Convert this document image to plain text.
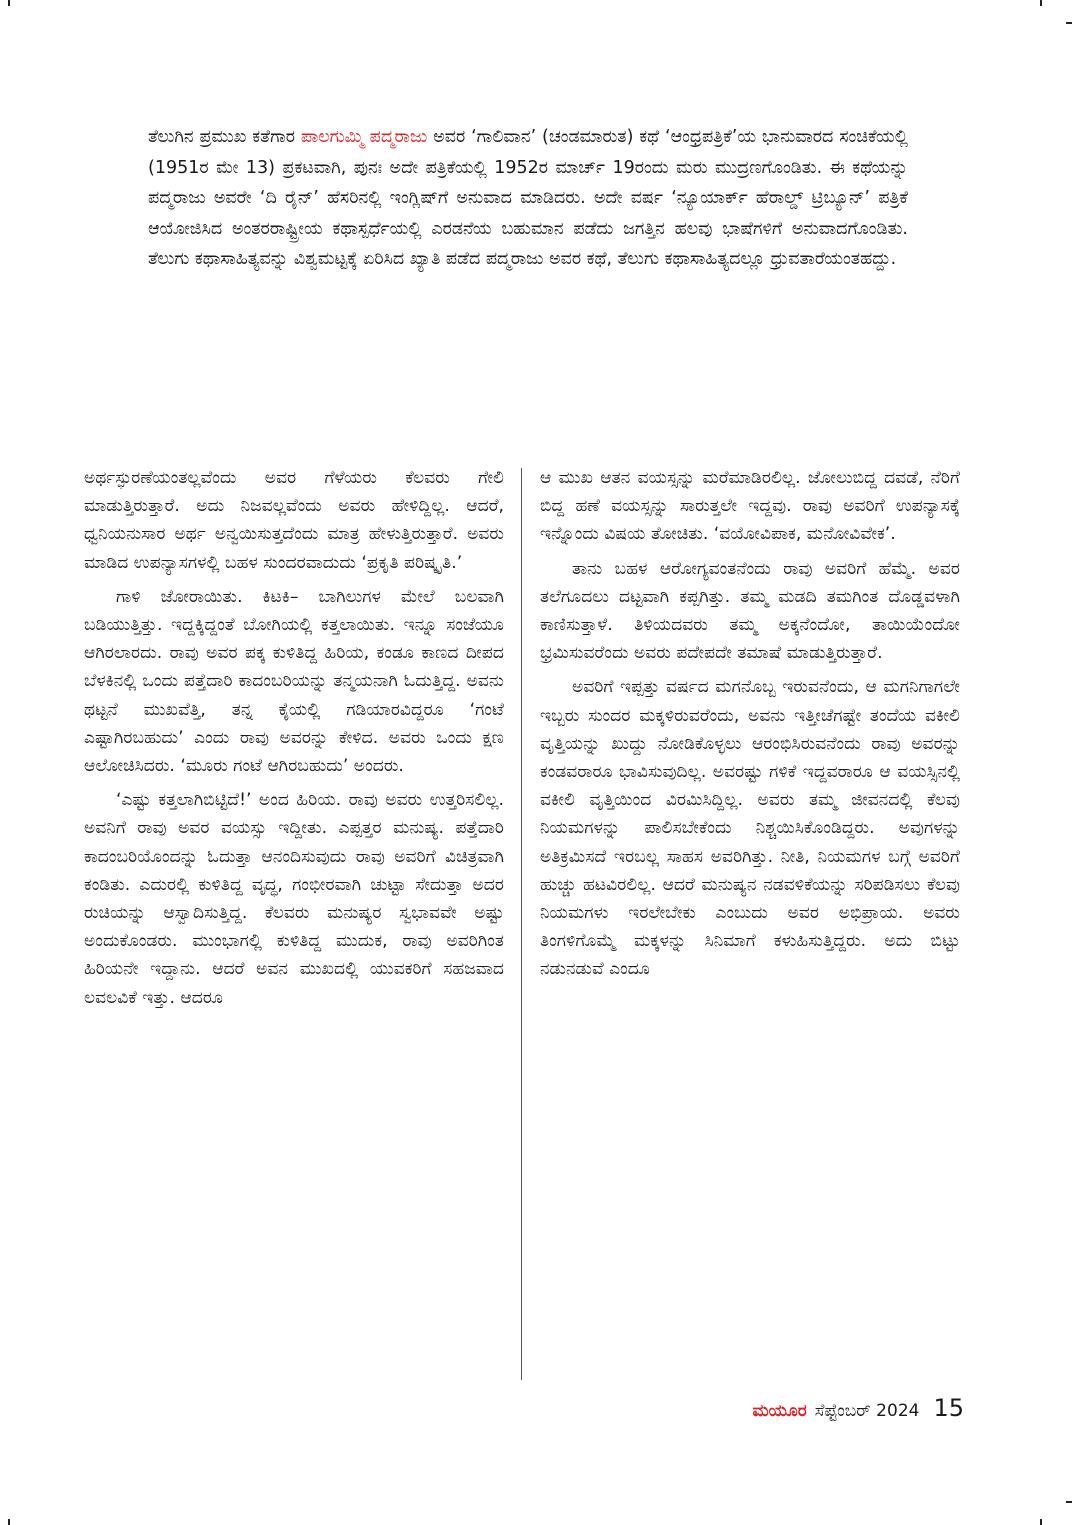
ತೆಲುಗಿನ ಪ್ರಮುಖ ಕತೆಗಾರ ಪಾಲಗುಮ್ಮಿ ಪದ್ಮರಾಜು ಅವರ ‘ಗಾಲಿವಾನ’ (ಚಂಡಮಾರುತ) ಕಥೆ ‘ಆಂಧ್ರಪತ್ರಿಕೆ’ಯ ಭಾನುವಾರದ ಸಂಚಿಕೆಯಲ್ಲಿ (1951ರ ಮೇ 13) ಪ್ರಕಟವಾಗಿ, ಪುನಃ ಅದೇ ಪತ್ರಿಕೆಯಲ್ಲಿ 1952ರ ಮಾರ್ಚ್ 19ರಂದು ಮರು ಮುದ್ರಣಗೊಂಡಿತು. ಈ ಕಥೆಯನ್ನು ಪದ್ಮರಾಜು ಅವರೇ ‘ದಿ ರೈನ್’ ಹೆಸರಿನಲ್ಲಿ ಇಂಗ್ಲಿಷ್‌ಗೆ ಅನುವಾದ ಮಾಡಿದರು. ಅದೇ ವರ್ಷ ‘ನ್ಯೂಯಾರ್ಕ್ ಹೆರಾಲ್ಡ್ ಟ್ರಿಬ್ಯೂನ್’ ಪತ್ರಿಕೆ ಆಯೋಜಿಸಿದ ಅಂತರರಾಷ್ಟ್ರೀಯ ಕಥಾಸ್ಪರ್ಧೆಯಲ್ಲಿ ಎರಡನೆಯ ಬಹುಮಾನ ಪಡೆದು ಜಗತ್ತಿನ ಹಲವು ಭಾಷೆಗಳಿಗೆ ಅನುವಾದಗೊಂಡಿತು. ತೆಲುಗು ಕಥಾಸಾಹಿತ್ಯವನ್ನು ವಿಶ್ವಮಟ್ಟಕ್ಕೆ ಏರಿಸಿದ ಖ್ಯಾತಿ ಪಡೆದ ಪದ್ಮರಾಜು ಅವರ ಕಥೆ, ತೆಲುಗು ಕಥಾಸಾಹಿತ್ಯದಲ್ಲೂ ಧ್ರುವತಾರೆಯಂತಹದ್ದು.

ಅರ್ಥಸ್ಫುರಣೆಯಂತಲ್ಲವೆಂದು ಅವರ ಗೆಳೆಯರು ಕೆಲವರು ಗೇಲಿ ಮಾಡುತ್ತಿರುತ್ತಾರೆ. ಅದು ನಿಜವಲ್ಲವೆಂದು ಅವರು ಹೇಳಿದ್ದಿಲ್ಲ. ಆದರೆ, ಧ್ವನಿಯನುಸಾರ ಅರ್ಥ ಅನ್ವಯಿಸುತ್ತದೆಂದು ಮಾತ್ರ ಹೇಳುತ್ತಿರುತ್ತಾರೆ. ಅವರು ಮಾಡಿದ ಉಪನ್ಯಾಸಗಳಲ್ಲಿ ಬಹಳ ಸುಂದರವಾದುದು ‘ಪ್ರಕೃತಿ ಪರಿಷ್ಕೃತಿ.’

ಗಾಳಿ ಜೋರಾಯಿತು. ಕಿಟಕಿ– ಬಾಗಿಲುಗಳ ಮೇಲೆ ಬಲವಾಗಿ ಬಡಿಯುತ್ತಿತ್ತು. ಇದ್ದಕ್ಕಿದ್ದಂತೆ ಬೋಗಿಯಲ್ಲಿ ಕತ್ತಲಾಯಿತು. ಇನ್ನೂ ಸಂಜೆಯೂ ಆಗಿರಲಾರದು. ರಾವು ಅವರ ಪಕ್ಕ ಕುಳಿತಿದ್ದ ಹಿರಿಯ, ಕಂಡೂ ಕಾಣದ ದೀಪದ ಬೆಳಕಿನಲ್ಲಿ ಒಂದು ಪತ್ತೆದಾರಿ ಕಾದಂಬರಿಯನ್ನು ತನ್ಮಯನಾಗಿ ಓದುತ್ತಿದ್ದ. ಅವನು ಥಟ್ಟನೆ ಮುಖವೆತ್ತಿ, ತನ್ನ ಕೈಯಲ್ಲಿ ಗಡಿಯಾರವಿದ್ದರೂ ‘ಗಂಟೆ ಎಷ್ಟಾಗಿರಬಹುದು’ ಎಂದು ರಾವು ಅವರನ್ನು ಕೇಳಿದ. ಅವರು ಒಂದು ಕ್ಷಣ ಆಲೋಚಿಸಿದರು. ‘ಮೂರು ಗಂಟೆ ಆಗಿರಬಹುದು’ ಅಂದರು.

‘ಎಷ್ಟು ಕತ್ತಲಾಗಿಬಿಟ್ಟಿದೆ!’ ಅಂದ ಹಿರಿಯ. ರಾವು ಅವರು ಉತ್ತರಿಸಲಿಲ್ಲ. ಅವನಿಗೆ ರಾವು ಅವರ ವಯಸ್ಸು ಇದ್ದೀತು. ಎಪ್ಪತ್ತರ ಮನುಷ್ಯ. ಪತ್ತೆದಾರಿ ಕಾದಂಬರಿಯೊಂದನ್ನು ಓದುತ್ತಾ ಆನಂದಿಸುವುದು ರಾವು ಅವರಿಗೆ ವಿಚಿತ್ರವಾಗಿ ಕಂಡಿತು. ಎದುರಲ್ಲಿ ಕುಳಿತಿದ್ದ ವೃದ್ಧ, ಗಂಭೀರವಾಗಿ ಚುಟ್ಟಾ ಸೇದುತ್ತಾ ಅದರ ರುಚಿಯನ್ನು ಆಸ್ವಾದಿಸುತ್ತಿದ್ದ. ಕೆಲವರು ಮನುಷ್ಯರ ಸ್ವಭಾವವೇ ಅಷ್ಟು ಅಂದುಕೊಂಡರು. ಮುಂಭಾಗಲ್ಲಿ ಕುಳಿತಿದ್ದ ಮುದುಕ, ರಾವು ಅವರಿಗಿಂತ ಹಿರಿಯನೇ ಇದ್ದಾನು. ಆದರೆ ಅವನ ಮುಖದಲ್ಲಿ ಯುವಕರಿಗೆ ಸಹಜವಾದ ಲವಲವಿಕೆ ಇತ್ತು. ಆದರೂ

ಆ ಮುಖ ಆತನ ವಯಸ್ಸನ್ನು ಮರೆಮಾಡಿರಲಿಲ್ಲ. ಜೋಲುಬಿದ್ದ ದವಡೆ, ನೆರಿಗೆ ಬಿದ್ದ ಹಣೆ ವಯಸ್ಸನ್ನು ಸಾರುತ್ತಲೇ ಇದ್ದವು. ರಾವು ಅವರಿಗೆ ಉಪನ್ಯಾಸಕ್ಕೆ ಇನ್ನೊಂದು ವಿಷಯ ತೋಚಿತು. ‘ವಯೋವಿಪಾಕ, ಮನೋವಿವೇಕ’.

ತಾನು ಬಹಳ ಆರೋಗ್ಯವಂತನೆಂದು ರಾವು ಅವರಿಗೆ ಹೆಮ್ಮೆ. ಅವರ ತಲೆಗೂದಲು ದಟ್ಟವಾಗಿ ಕಪ್ಪಗಿತ್ತು. ತಮ್ಮ ಮಡದಿ ತಮಗಿಂತ ದೊಡ್ಡವಳಾಗಿ ಕಾಣಿಸುತ್ತಾಳೆ. ತಿಳಿಯದವರು ತಮ್ಮ ಅಕ್ಕನೆಂದೋ, ತಾಯಿಯೆಂದೋ ಭ್ರಮಿಸುವರೆಂದು ಅವರು ಪದೇಪದೇ ತಮಾಷೆ ಮಾಡುತ್ತಿರುತ್ತಾರೆ.

ಅವರಿಗೆ ಇಪ್ಪತ್ತು ವರ್ಷದ ಮಗನೊಬ್ಬ ಇರುವನೆಂದು, ಆ ಮಗನಿಗಾಗಲೇ ಇಬ್ಬರು ಸುಂದರ ಮಕ್ಕಳಿರುವರೆಂದು, ಅವನು ಇತ್ತೀಚೆಗಷ್ಟೇ ತಂದೆಯ ವಕೀಲಿ ವೃತ್ತಿಯನ್ನು ಖುದ್ದು ನೋಡಿಕೊಳ್ಳಲು ಆರಂಭಿಸಿರುವನೆಂದು ರಾವು ಅವರನ್ನು ಕಂಡವರಾರೂ ಭಾವಿಸುವುದಿಲ್ಲ. ಅವರಷ್ಟು ಗಳಿಕೆ ಇದ್ದವರಾರೂ ಆ ವಯಸ್ಸಿನಲ್ಲಿ ವಕೀಲಿ ವೃತ್ತಿಯಿಂದ ವಿರಮಿಸಿದ್ದಿಲ್ಲ. ಅವರು ತಮ್ಮ ಜೀವನದಲ್ಲಿ ಕೆಲವು ನಿಯಮಗಳನ್ನು ಪಾಲಿಸಬೇಕೆಂದು ನಿಶ್ಚಯಿಸಿಕೊಂಡಿದ್ದರು. ಅವುಗಳನ್ನು ಅತಿಕ್ರಮಿಸದೆ ಇರಬಲ್ಲ ಸಾಹಸ ಅವರಿಗಿತ್ತು. ನೀತಿ, ನಿಯಮಗಳ ಬಗ್ಗೆ ಅವರಿಗೆ ಹುಚ್ಚು ಹಟವಿರಲಿಲ್ಲ. ಆದರೆ ಮನುಷ್ಯನ ನಡವಳಿಕೆಯನ್ನು ಸರಿಪಡಿಸಲು ಕೆಲವು ನಿಯಮಗಳು ಇರಲೇಬೇಕು ಎಂಬುದು ಅವರ ಅಭಿಪ್ರಾಯ. ಅವರು ತಿಂಗಳಿಗೊಮ್ಮೆ ಮಕ್ಕಳನ್ನು ಸಿನಿಮಾಗೆ ಕಳುಹಿಸುತ್ತಿದ್ದರು. ಅದು ಬಿಟ್ಟು ನಡುನಡುವೆ ಎಂದೂ

ಮಯೂರ ಸೆಪ್ಟೆಂಬರ್ 2024 15
